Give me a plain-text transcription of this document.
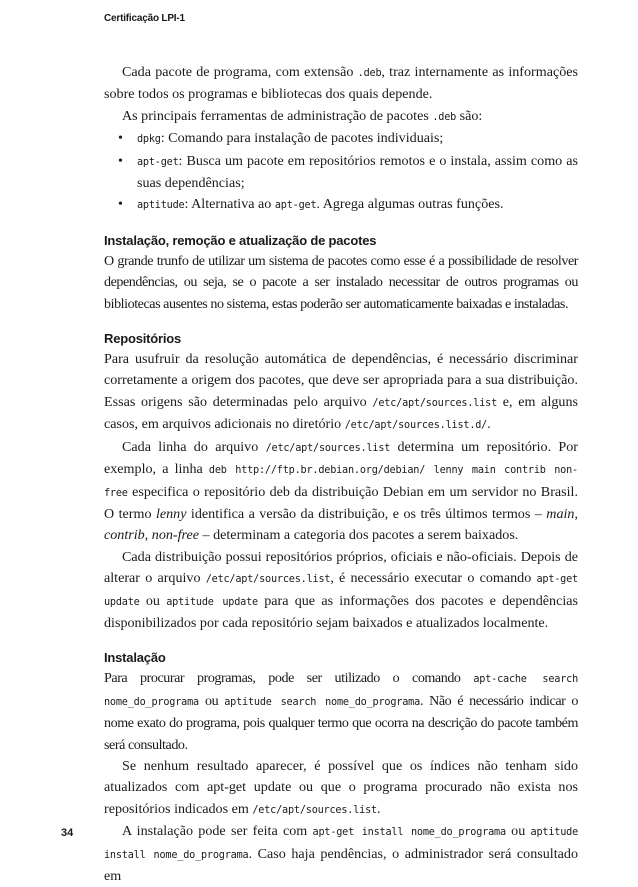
Certificação LPI-1

Cada pacote de programa, com extensão .deb, traz internamente as informações sobre todos os programas e bibliotecas dos quais depende.

As principais ferramentas de administração de pacotes .deb são:

• dpkg: Comando para instalação de pacotes individuais;
• apt-get: Busca um pacote em repositórios remotos e o instala, assim como as suas dependências;
• aptitude: Alternativa ao apt-get. Agrega algumas outras funções.
Instalação, remoção e atualização de pacotes

O grande trunfo de utilizar um sistema de pacotes como esse é a possibilidade de resolver dependências, ou seja, se o pacote a ser instalado necessitar de outros programas ou bibliotecas ausentes no sistema, estas poderão ser automaticamente baixadas e instaladas.

Repositórios

Para usufruir da resolução automática de dependências, é necessário discriminar corretamente a origem dos pacotes, que deve ser apropriada para a sua distribuição. Essas origens são determinadas pelo arquivo /etc/apt/sources.list e, em alguns casos, em arquivos adicionais no diretório /etc/apt/sources.list.d/.

Cada linha do arquivo /etc/apt/sources.list determina um repositório. Por exemplo, a linha deb http://ftp.br.debian.org/debian/ lenny main contrib non-free especifica o repositório deb da distribuição Debian em um servidor no Brasil. O termo lenny identifica a versão da distribuição, e os três últimos termos – main, contrib, non-free – determinam a categoria dos pacotes a serem baixados.

Cada distribuição possui repositórios próprios, oficiais e não-oficiais. Depois de alterar o arquivo /etc/apt/sources.list, é necessário executar o comando apt-get update ou aptitude update para que as informações dos pacotes e dependências disponibilizados por cada repositório sejam baixados e atualizados localmente.

Instalação

Para procurar programas, pode ser utilizado o comando apt-cache search nome_do_programa ou aptitude search nome_do_programa. Não é necessário indicar o nome exato do programa, pois qualquer termo que ocorra na descrição do pacote também será consultado.

Se nenhum resultado aparecer, é possível que os índices não tenham sido atualizados com apt-get update ou que o programa procurado não exista nos repositórios indicados em /etc/apt/sources.list.

A instalação pode ser feita com apt-get install nome_do_programa ou aptitude install nome_do_programa. Caso haja pendências, o administrador será consultado em

34
